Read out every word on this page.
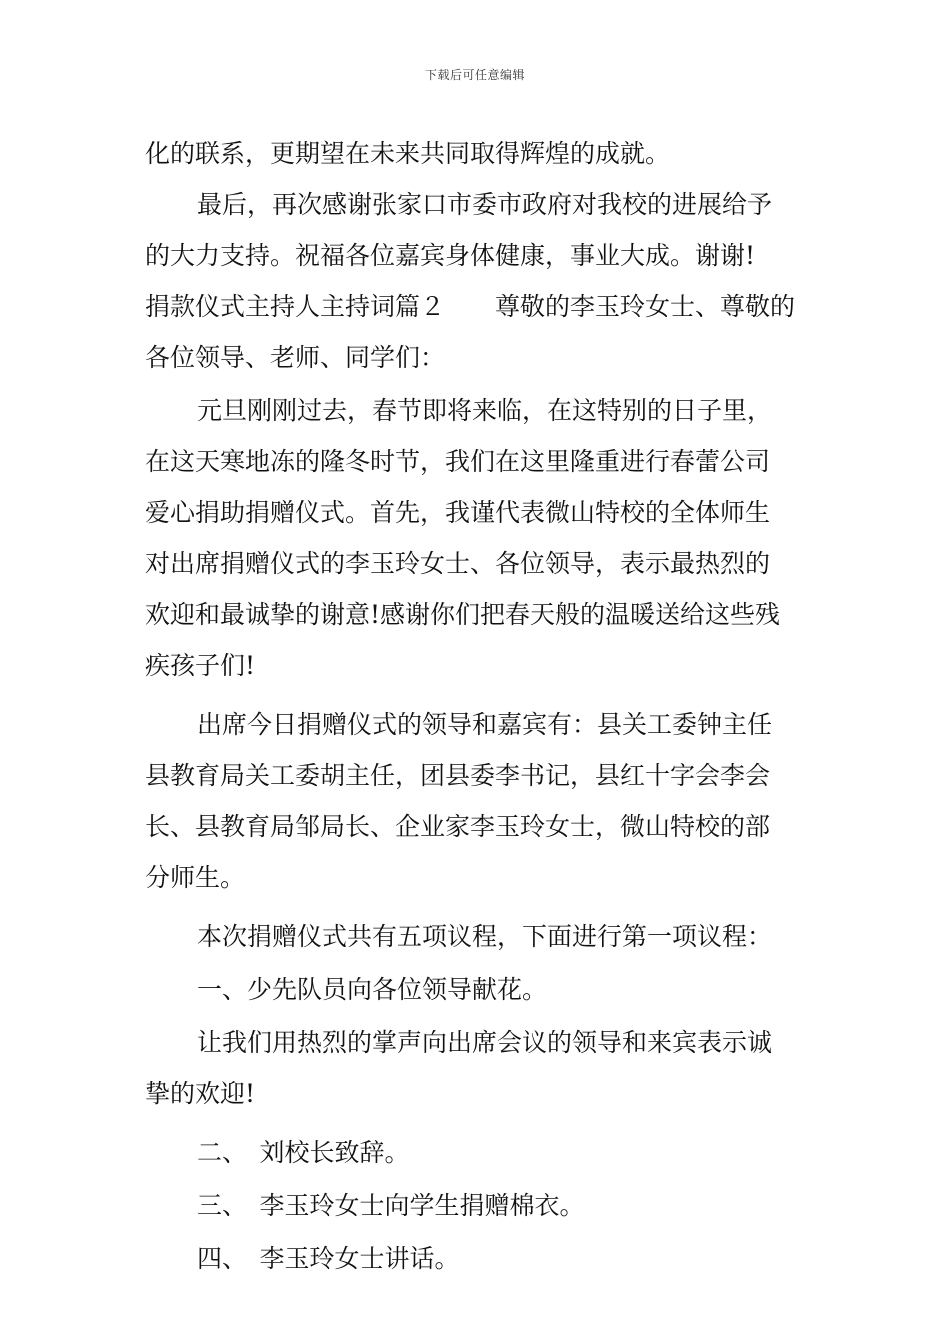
下载后可任意编辑
化的联系，更期望在未来共同取得辉煌的成就。
最后，再次感谢张家口市委市政府对我校的进展给予
的大力支持。祝福各位嘉宾身体健康，事业大成。谢谢!
捐款仪式主持人主持词篇２　　尊敬的李玉玲女士、尊敬的
各位领导、老师、同学们：
元旦刚刚过去，春节即将来临，在这特别的日子里，
在这天寒地冻的隆冬时节，我们在这里隆重进行春蕾公司
爱心捐助捐赠仪式。首先，我谨代表微山特校的全体师生
对出席捐赠仪式的李玉玲女士、各位领导，表示最热烈的
欢迎和最诚挚的谢意!感谢你们把春天般的温暖送给这些残
疾孩子们!
出席今日捐赠仪式的领导和嘉宾有：县关工委钟主任
县教育局关工委胡主任，团县委李书记，县红十字会李会
长、县教育局邹局长、企业家李玉玲女士，微山特校的部
分师生。
本次捐赠仪式共有五项议程，下面进行第一项议程：
一、少先队员向各位领导献花。
让我们用热烈的掌声向出席会议的领导和来宾表示诚
挚的欢迎!
二、　刘校长致辞。
三、　李玉玲女士向学生捐赠棉衣。
四、　李玉玲女士讲话。
